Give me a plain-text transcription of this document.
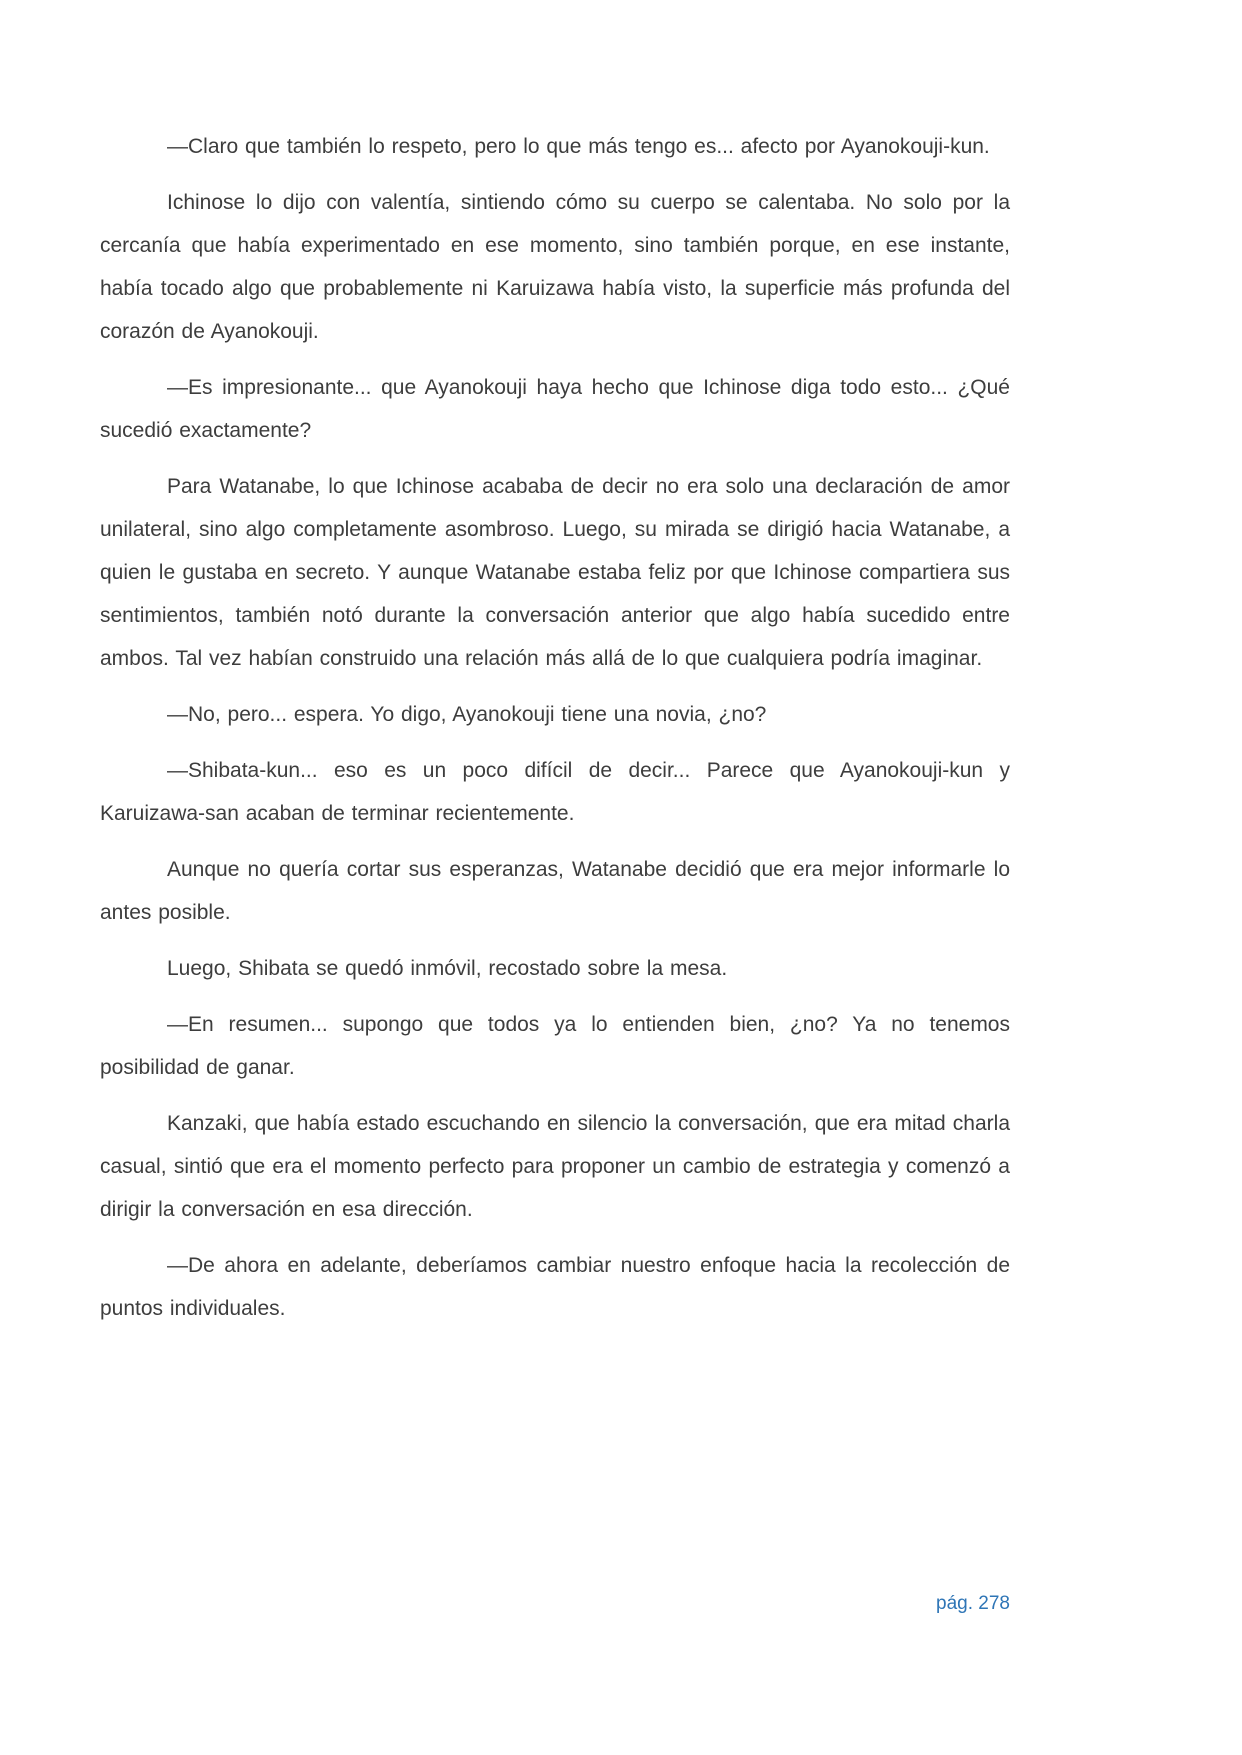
—Claro que también lo respeto, pero lo que más tengo es... afecto por Ayanokouji-kun.

Ichinose lo dijo con valentía, sintiendo cómo su cuerpo se calentaba. No solo por la cercanía que había experimentado en ese momento, sino también porque, en ese instante, había tocado algo que probablemente ni Karuizawa había visto, la superficie más profunda del corazón de Ayanokouji.

—Es impresionante... que Ayanokouji haya hecho que Ichinose diga todo esto... ¿Qué sucedió exactamente?

Para Watanabe, lo que Ichinose acababa de decir no era solo una declaración de amor unilateral, sino algo completamente asombroso. Luego, su mirada se dirigió hacia Watanabe, a quien le gustaba en secreto. Y aunque Watanabe estaba feliz por que Ichinose compartiera sus sentimientos, también notó durante la conversación anterior que algo había sucedido entre ambos. Tal vez habían construido una relación más allá de lo que cualquiera podría imaginar.

—No, pero... espera. Yo digo, Ayanokouji tiene una novia, ¿no?

—Shibata-kun... eso es un poco difícil de decir... Parece que Ayanokouji-kun y Karuizawa-san acaban de terminar recientemente.

Aunque no quería cortar sus esperanzas, Watanabe decidió que era mejor informarle lo antes posible.

Luego, Shibata se quedó inmóvil, recostado sobre la mesa.

—En resumen... supongo que todos ya lo entienden bien, ¿no? Ya no tenemos posibilidad de ganar.

Kanzaki, que había estado escuchando en silencio la conversación, que era mitad charla casual, sintió que era el momento perfecto para proponer un cambio de estrategia y comenzó a dirigir la conversación en esa dirección.

—De ahora en adelante, deberíamos cambiar nuestro enfoque hacia la recolección de puntos individuales.

pág. 278
